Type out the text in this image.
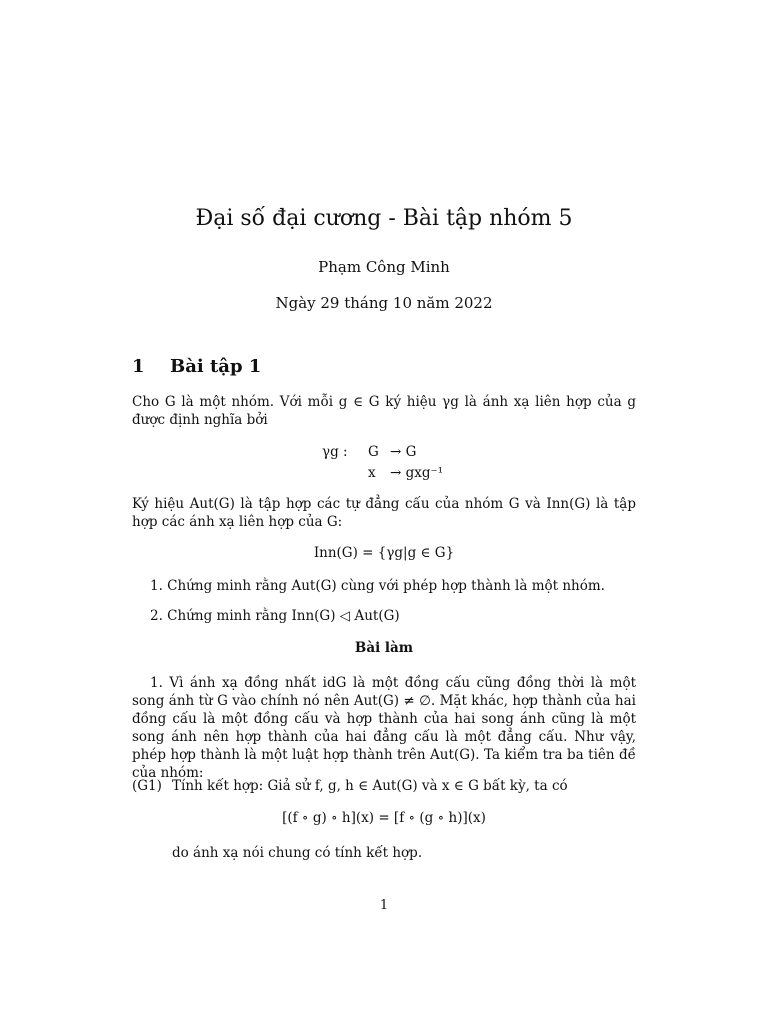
Đại số đại cương - Bài tập nhóm 5
Phạm Công Minh
Ngày 29 tháng 10 năm 2022
1 Bài tập 1
Cho G là một nhóm. Với mỗi g ∈ G ký hiệu γg là ánh xạ liên hợp của g được định nghĩa bởi
γg : G → G
x → gxg⁻¹
Ký hiệu Aut(G) là tập hợp các tự đẳng cấu của nhóm G và Inn(G) là tập hợp các ánh xạ liên hợp của G:
Inn(G) = {γg|g ∈ G}
1. Chứng minh rằng Aut(G) cùng với phép hợp thành là một nhóm.
2. Chứng minh rằng Inn(G) ◁ Aut(G)
Bài làm
1. Vì ánh xạ đồng nhất idG là một đồng cấu cũng đồng thời là một song ánh từ G vào chính nó nên Aut(G) ≠ ∅. Mặt khác, hợp thành của hai đồng cấu là một đồng cấu và hợp thành của hai song ánh cũng là một song ánh nên hợp thành của hai đẳng cấu là một đẳng cấu. Như vậy, phép hợp thành là một luật hợp thành trên Aut(G). Ta kiểm tra ba tiên đề của nhóm:
(G1) Tính kết hợp: Giả sử f, g, h ∈ Aut(G) và x ∈ G bất kỳ, ta có
[(f ∘ g) ∘ h](x) = [f ∘ (g ∘ h)](x)
do ánh xạ nói chung có tính kết hợp.
1
